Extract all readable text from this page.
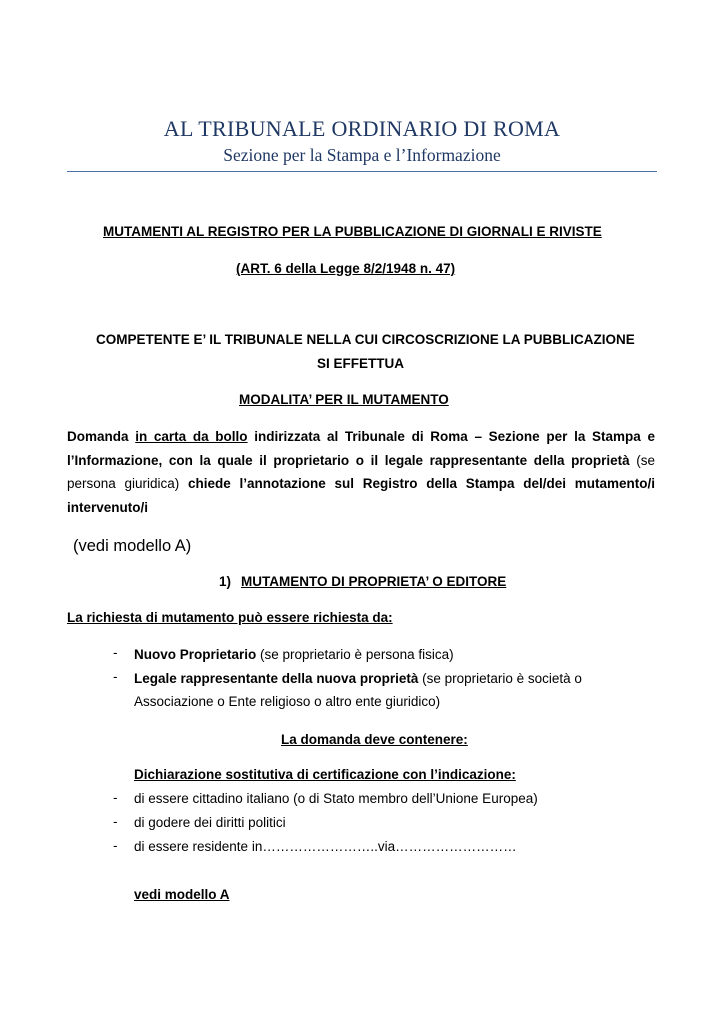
AL TRIBUNALE ORDINARIO DI ROMA
Sezione per la Stampa e l’Informazione
MUTAMENTI AL REGISTRO PER LA PUBBLICAZIONE DI GIORNALI E RIVISTE
(ART. 6 della Legge 8/2/1948 n. 47)
COMPETENTE E’ IL TRIBUNALE NELLA CUI CIRCOSCRIZIONE LA PUBBLICAZIONE
SI EFFETTUA
MODALITA’ PER IL MUTAMENTO
Domanda in carta da bollo indirizzata al Tribunale di Roma – Sezione per la Stampa e l’Informazione, con la quale il proprietario o il legale rappresentante della proprietà (se persona giuridica) chiede l’annotazione sul Registro della Stampa del/dei mutamento/i intervenuto/i
(vedi modello A)
1) MUTAMENTO DI PROPRIETA’ O EDITORE
La richiesta di mutamento può essere richiesta da:
- Nuovo Proprietario (se proprietario è persona fisica)
- Legale rappresentante della nuova proprietà (se proprietario è società o Associazione o Ente religioso o altro ente giuridico)
La domanda deve contenere:
Dichiarazione sostitutiva di certificazione con l’indicazione:
- di essere cittadino italiano (o di Stato membro dell’Unione Europea)
- di godere dei diritti politici
- di essere residente in……………………..via………………………
vedi modello A
